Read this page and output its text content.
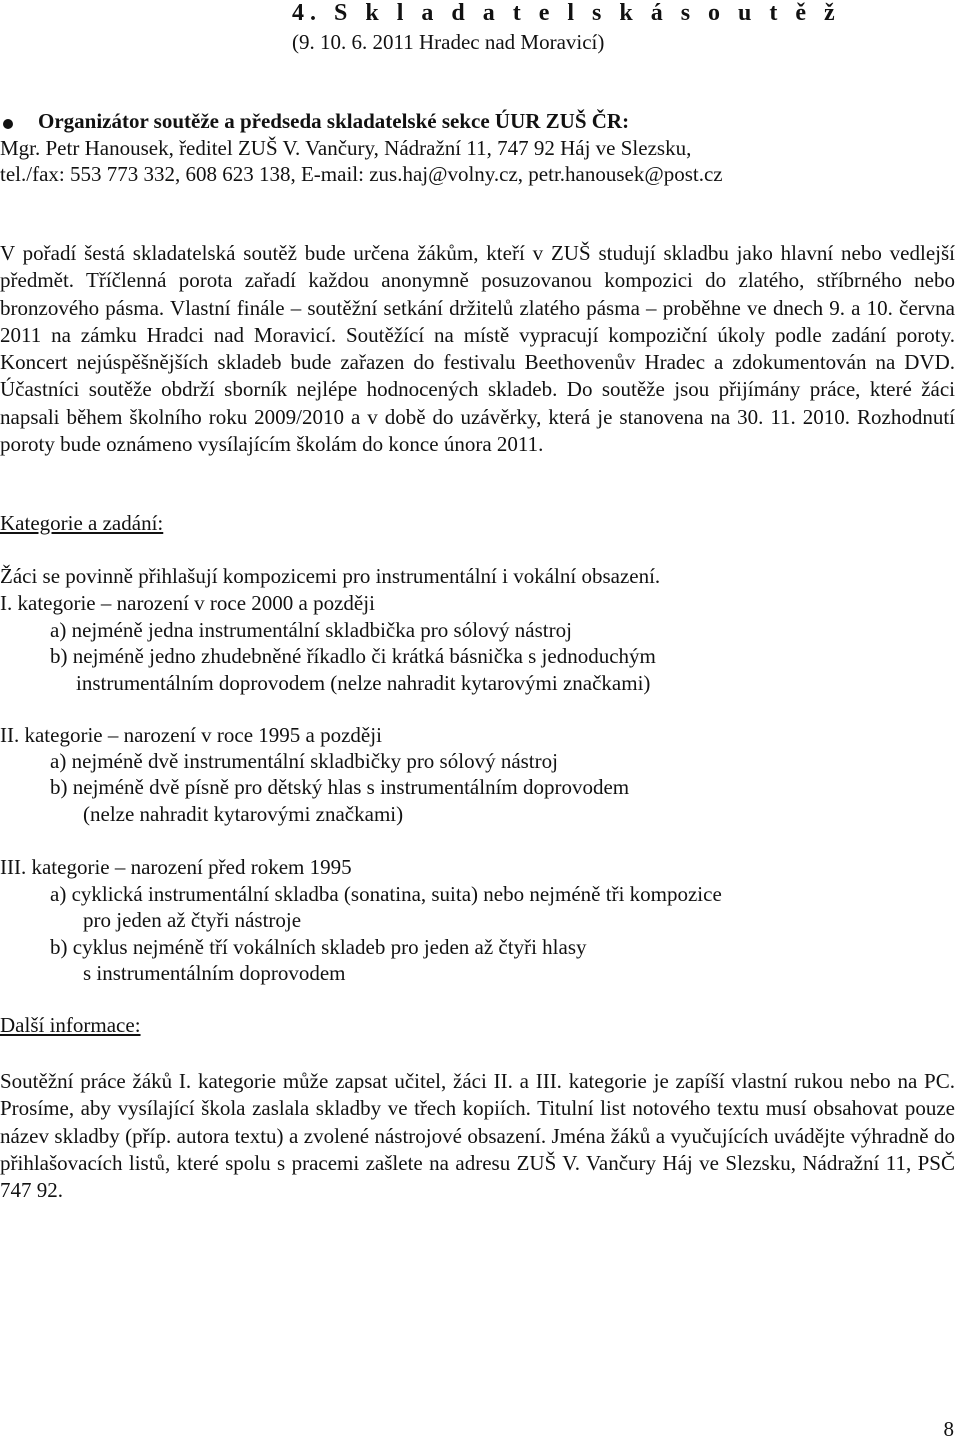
4. S k l a d a t e l s k á s o u t ě ž
(9. 10. 6. 2011 Hradec nad Moravicí)
Organizátor soutěže a předseda skladatelské sekce ÚUR ZUŠ ČR:
Mgr. Petr Hanousek, ředitel ZUŠ V. Vančury, Nádražní 11, 747 92 Háj ve Slezsku,
tel./fax: 553 773 332, 608 623 138, E-mail: zus.haj@volny.cz, petr.hanousek@post.cz
V pořadí šestá skladatelská soutěž bude určena žákům, kteří v ZUŠ studují skladbu jako hlavní nebo vedlejší předmět. Tříčlenná porota zařadí každou anonymně posuzovanou kompozici do zlatého, stříbrného nebo bronzového pásma. Vlastní finále – soutěžní setkání držitelů zlatého pásma – proběhne ve dnech 9. a 10. června 2011 na zámku Hradci nad Moravicí. Soutěžící na místě vypracují kompoziční úkoly podle zadání poroty. Koncert nejúspěšnějších skladeb bude zařazen do festivalu Beethovenův Hradec a zdokumentován na DVD. Účastníci soutěže obdrží sborník nejlépe hodnocených skladeb. Do soutěže jsou přijímány práce, které žáci napsali během školního roku 2009/2010 a v době do uzávěrky, která je stanovena na 30. 11. 2010. Rozhodnutí poroty bude oznámeno vysílajícím školám do konce února 2011.
Kategorie a zadání:
Žáci se povinně přihlašují kompozicemi pro instrumentální i vokální obsazení.
I. kategorie – narození v roce 2000 a později
a) nejméně jedna instrumentální skladbička pro sólový nástroj
b) nejméně jedno zhudebněné říkadlo či krátká básnička s jednoduchým
instrumentálním doprovodem (nelze nahradit kytarovými značkami)
II. kategorie – narození v roce 1995 a později
a) nejméně dvě instrumentální skladbičky pro sólový nástroj
b) nejméně dvě písně pro dětský hlas s instrumentálním doprovodem
(nelze nahradit kytarovými značkami)
III. kategorie – narození před rokem 1995
a) cyklická instrumentální skladba (sonatina, suita) nebo nejméně tři kompozice
pro jeden až čtyři nástroje
b) cyklus nejméně tří vokálních skladeb pro jeden až čtyři hlasy
s instrumentálním doprovodem
Další informace:
Soutěžní práce žáků I. kategorie může zapsat učitel, žáci II. a III. kategorie je zapíší vlastní rukou nebo na PC. Prosíme, aby vysílající škola zaslala skladby ve třech kopiích. Titulní list notového textu musí obsahovat pouze název skladby (příp. autora textu) a zvolené nástrojové obsazení. Jména žáků a vyučujících uvádějte výhradně do přihlašovacích listů, které spolu s pracemi zašlete na adresu ZUŠ V. Vančury Háj ve Slezsku, Nádražní 11, PSČ 747 92.
8
